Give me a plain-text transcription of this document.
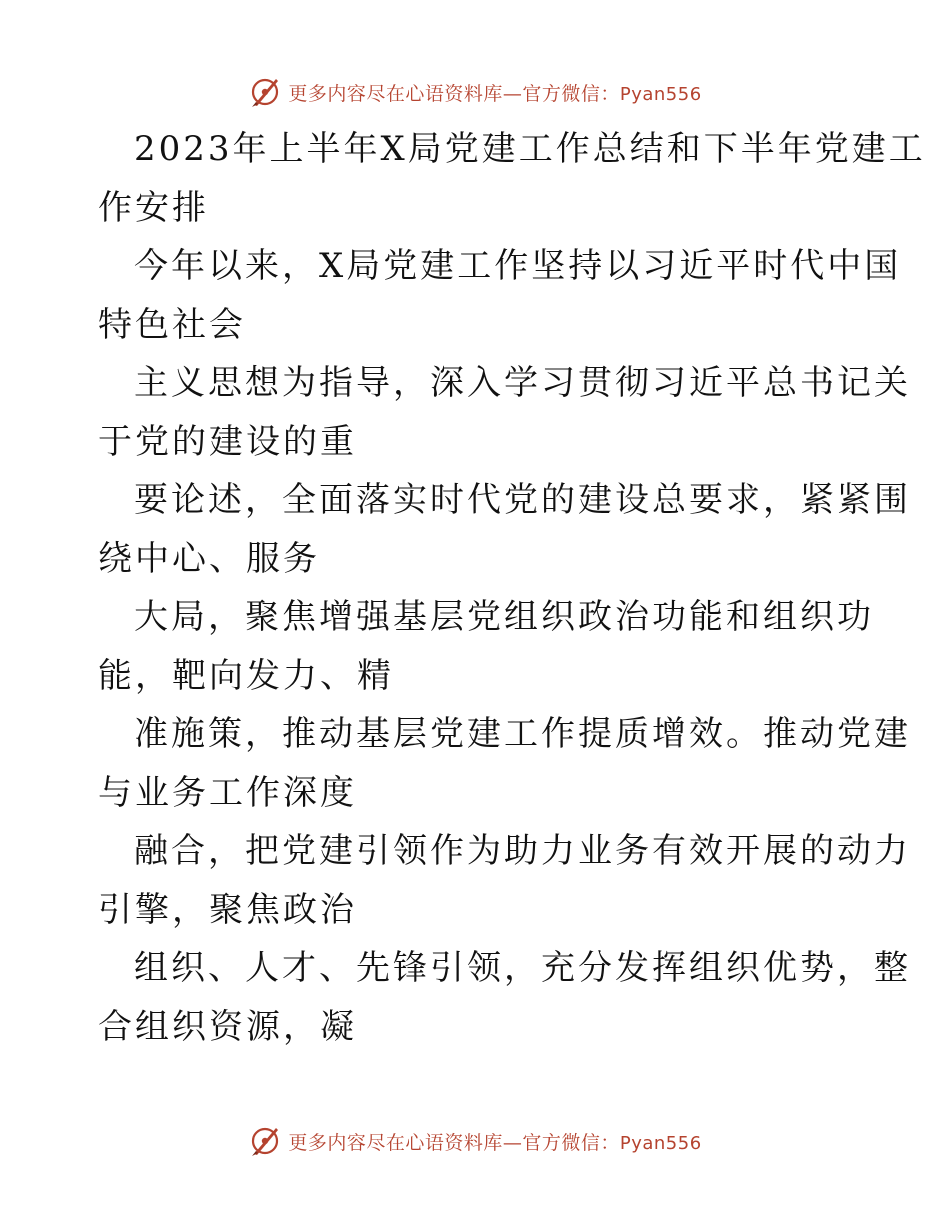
更多内容尽在心语资料库—官方微信：Pyan556
2023年上半年X局党建工作总结和下半年党建工
作安排
今年以来，X局党建工作坚持以习近平时代中国
特色社会
主义思想为指导，深入学习贯彻习近平总书记关
于党的建设的重
要论述，全面落实时代党的建设总要求，紧紧围
绕中心、服务
大局，聚焦增强基层党组织政治功能和组织功
能，靶向发力、精
准施策，推动基层党建工作提质增效。推动党建
与业务工作深度
融合，把党建引领作为助力业务有效开展的动力
引擎，聚焦政治
组织、人才、先锋引领，充分发挥组织优势，整
合组织资源，凝
更多内容尽在心语资料库—官方微信：Pyan556
